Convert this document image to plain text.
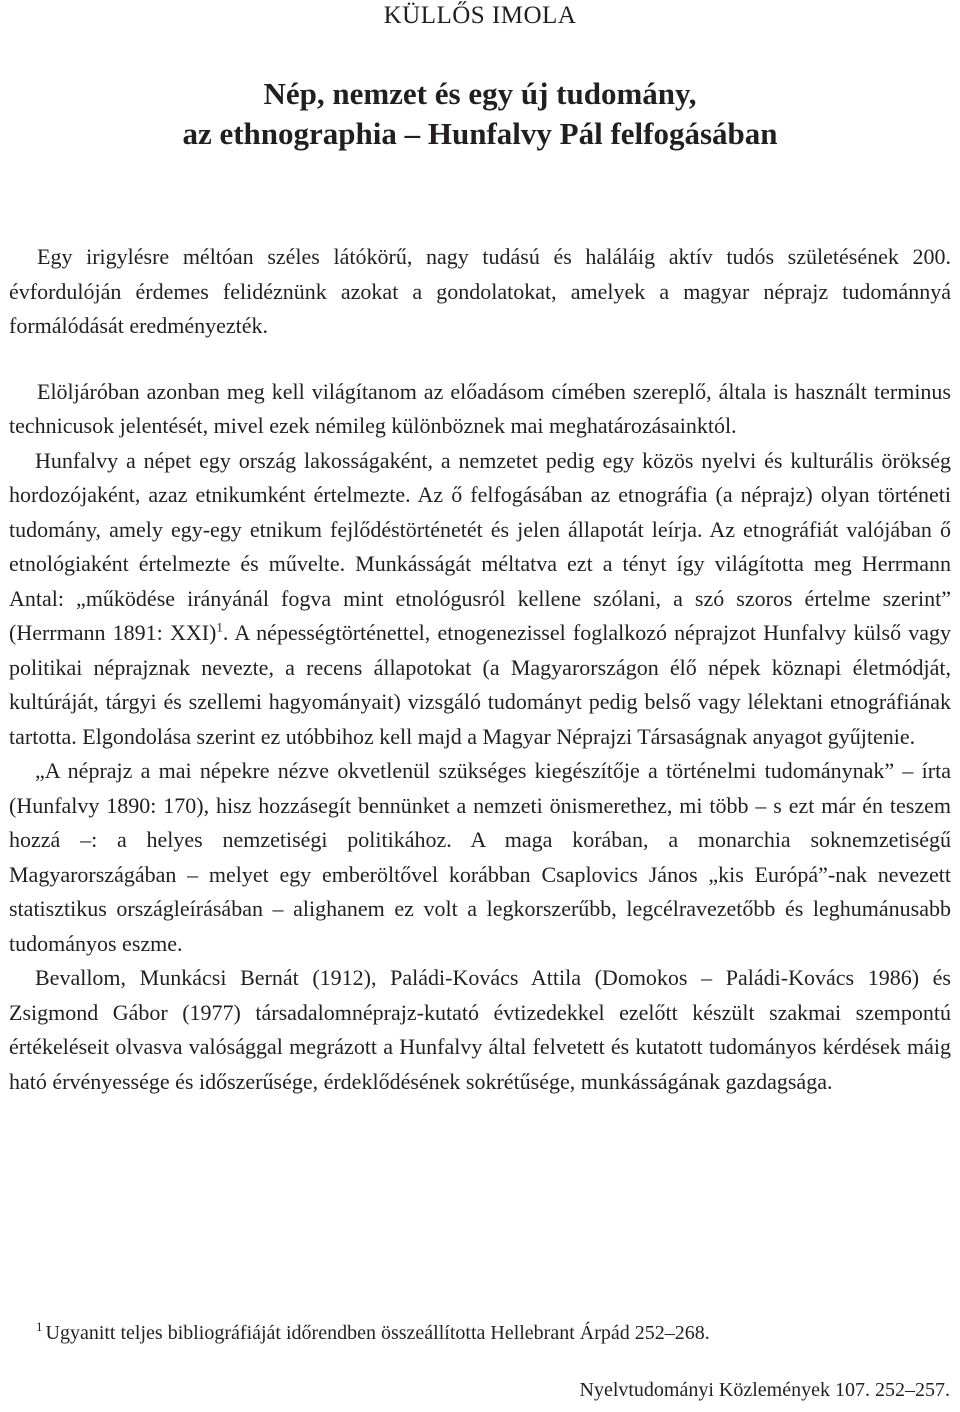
KÜLLŐS IMOLA
Nép, nemzet és egy új tudomány,
az ethnographia – Hunfalvy Pál felfogásában

Egy irigylésre méltóan széles látókörű, nagy tudású és haláláig aktív tudós születésének 200. évfordulóján érdemes felidéznünk azokat a gondolatokat, amelyek a magyar néprajz tudománnyá formálódását eredményezték.

Elöljáróban azonban meg kell világítanom az előadásom címében szereplő, általa is használt terminus technicusok jelentését, mivel ezek némileg különböznek mai meghatározásainktól.

Hunfalvy a népet egy ország lakosságaként, a nemzetet pedig egy közös nyelvi és kulturális örökség hordozójaként, azaz etnikumként értelmezte. Az ő felfogásában az etnográfia (a néprajz) olyan történeti tudomány, amely egy-egy etnikum fejlődéstörténetét és jelen állapotát leírja. Az etnográfiát valójában ő etnológiaként értelmezte és művelte. Munkásságát méltatva ezt a tényt így világította meg Herrmann Antal: „működése irányánál fogva mint etnológusról kellene szólani, a szó szoros értelme szerint” (Herrmann 1891: XXI)$^1$. A népességtörténettel, etnogenezissel foglalkozó néprajzot Hunfalvy külső vagy politikai néprajznak nevezte, a recens állapotokat (a Magyarországon élő népek köznapi életmódját, kultúráját, tárgyi és szellemi hagyományait) vizsgáló tudományt pedig belső vagy lélektani etnográfiának tartotta. Elgondolása szerint ez utóbbihoz kell majd a Magyar Néprajzi Társaságnak anyagot gyűjtenie.

„A néprajz a mai népekre nézve okvetlenül szükséges kiegészítője a történelmi tudománynak” – írta (Hunfalvy 1890: 170), hisz hozzásegít bennünket a nemzeti önismerethez, mi több – s ezt már én teszem hozzá –: a helyes nemzetiségi politikához. A maga korában, a monarchia soknemzetiségű Magyarországában – melyet egy emberöltővel korábban Csaplovics János „kis Európá”-nak nevezett statisztikus országleírásában – alighanem ez volt a legkorszerűbb, legcélravezetőbb és leghumánusabb tudományos eszme.

Bevallom, Munkácsi Bernát (1912), Paládi-Kovács Attila (Domokos – Paládi-Kovács 1986) és Zsigmond Gábor (1977) társadalomnéprajz-kutató évtizedekkel ezelőtt készült szakmai szempontú értékeléseit olvasva valósággal megrázott a Hunfalvy által felvetett és kutatott tudományos kérdések máig ható érvényessége és időszerűsége, érdeklődésének sokrétűsége, munkásságának gazdagsága.

$^1$ Ugyanitt teljes bibliográfiáját időrendben összeállította Hellebrant Árpád 252–268.
Nyelvtudományi Közlemények 107. 252–257.
